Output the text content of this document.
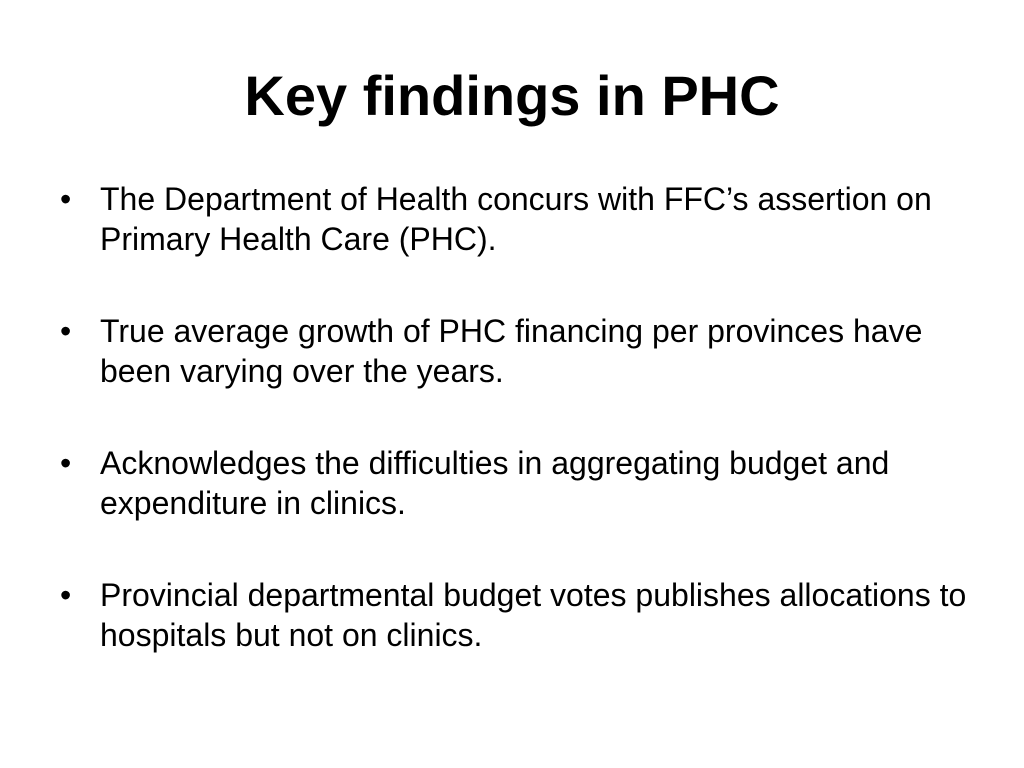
Key findings in PHC
• The Department of Health concurs with FFC’s assertion on Primary Health Care (PHC).
• True average growth of PHC financing per provinces have been varying over the years.
• Acknowledges the difficulties in aggregating budget and expenditure in clinics.
• Provincial departmental budget votes publishes allocations to hospitals but not on clinics.
